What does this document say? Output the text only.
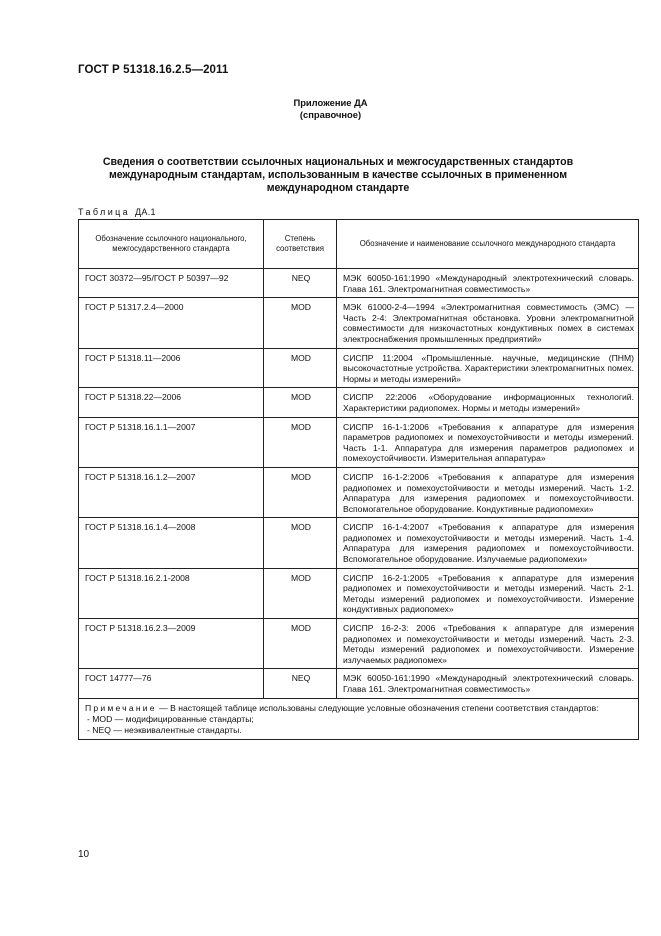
ГОСТ Р 51318.16.2.5—2011
Приложение ДА
(справочное)
Сведения о соответствии ссылочных национальных и межгосударственных стандартов
международным стандартам, использованным в качестве ссылочных в примененном
международном стандарте
Таблица ДА.1
Обозначение ссылочного национального, межгосударственного стандарта	Степень соответствия	Обозначение и наименование ссылочного международного стандарта
ГОСТ 30372—95/ГОСТ Р 50397—92	NEQ	МЭК 60050-161:1990 «Международный электротехнический словарь. Глава 161. Электромагнитная совместимость»
ГОСТ Р 51317.2.4—2000	MOD	МЭК 61000-2-4—1994 «Электромагнитная совместимость (ЭМС) — Часть 2-4: Электромагнитная обстановка. Уровни электромагнитной совместимости для низкочастотных кондуктивных помех в системах электроснабжения промышленных предприятий»
ГОСТ Р 51318.11—2006	MOD	СИСПР 11:2004 «Промышленные. научные, медицинские (ПНМ) высокочастотные устройства. Характеристики электромагнитных помех. Нормы и методы измерений»
ГОСТ Р 51318.22—2006	MOD	СИСПР 22:2006 «Оборудование информационных технологий. Характеристики радиопомех. Нормы и методы измерений»
ГОСТ Р 51318.16.1.1—2007	MOD	СИСПР 16-1-1:2006 «Требования к аппаратуре для измерения параметров радиопомех и помехоустойчивости и методы измерений. Часть 1-1. Аппаратура для измерения параметров радиопомех и помехоустойчивости. Измерительная аппаратура»
ГОСТ Р 51318.16.1.2—2007	MOD	СИСПР 16-1-2:2006 «Требования к аппаратуре для измерения радиопомех и помехоустойчивости и методы измерений. Часть 1-2. Аппаратура для измерения радиопомех и помехоустойчивости. Вспомогательное оборудование. Кондуктивные радиопомехи»
ГОСТ Р 51318.16.1.4—2008	MOD	СИСПР 16-1-4:2007 «Требования к аппаратуре для измерения радиопомех и помехоустойчивости и методы измерений. Часть 1-4. Аппаратура для измерения радиопомех и помехоустойчивости. Вспомогательное оборудование. Излучаемые радиопомехи»
ГОСТ Р 51318.16.2.1-2008	MOD	СИСПР 16-2-1:2005 «Требования к аппаратуре для измерения радиопомех и помехоустойчивости и методы измерений. Часть 2-1. Методы измерений радиопомех и помехоустойчивости. Измерение кондуктивных радиопомех»
ГОСТ Р 51318.16.2.3—2009	MOD	СИСПР 16-2-3: 2006 «Требования к аппаратуре для измерения радиопомех и помехоустойчивости и методы измерений. Часть 2-3. Методы измерений радиопомех и помехоустойчивости. Измерение излучаемых радиопомех»
ГОСТ 14777—76	NEQ	МЭК 60050-161:1990 «Международный электротехнический словарь. Глава 161. Электромагнитная совместимость»
Примечание — В настоящей таблице использованы следующие условные обозначения степени соответствия стандартов:
- MOD — модифицированные стандарты;
- NEQ — неэквивалентные стандарты.		
10
